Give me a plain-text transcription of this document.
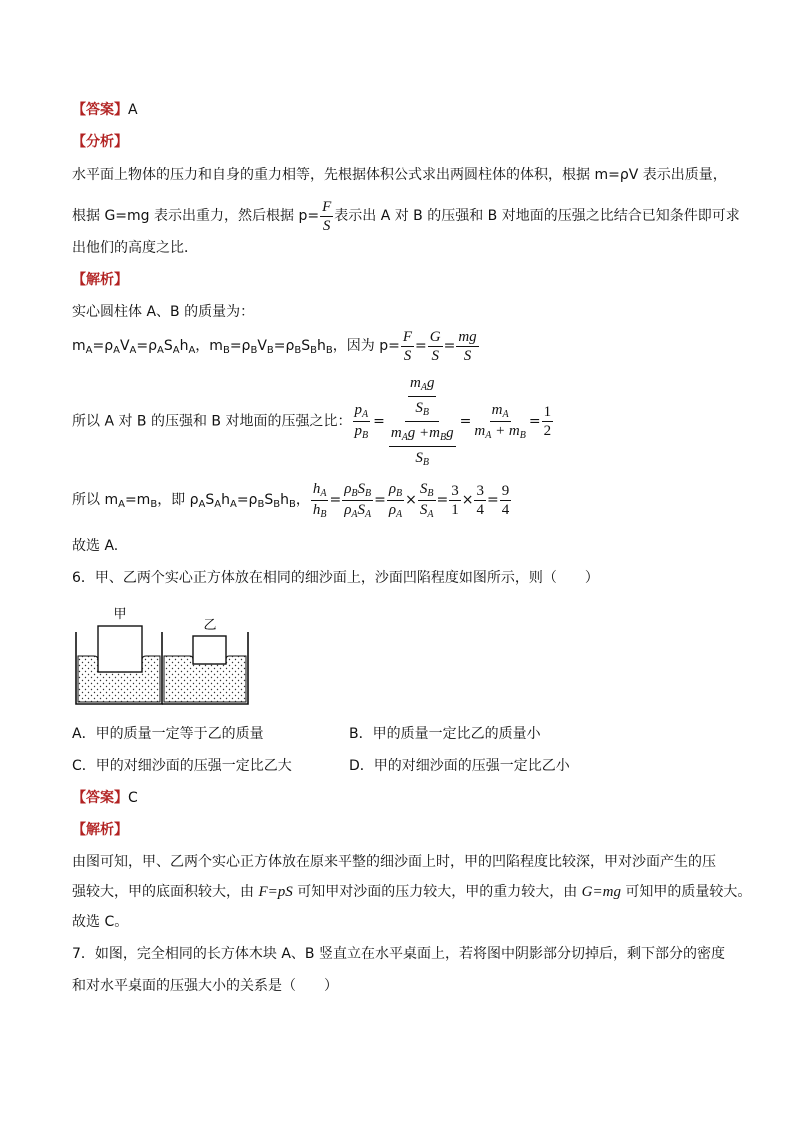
【答案】A
【分析】
水平面上物体的压力和自身的重力相等，先根据体积公式求出两圆柱体的体积，根据 m=ρV 表示出质量，
根据 G=mg 表示出重力，然后根据 $p= \frac{F}{S}$ 表示出 A 对 B 的压强和 B 对地面的压强之比结合已知条件即可求
出他们的高度之比．
【解析】
实心圆柱体 A、B 的质量为：
$m_A=\rho_AV_A=\rho_AS_Ah_A$，$m_B=\rho_BV_B=\rho_BS_Bh_B$，因为 $p= \frac{F}{S} = \frac{G}{S} = \frac{mg}{S}$
所以 A 对 B 的压强和 B 对地面的压强之比： $\frac{p_A}{p_B} = \frac{\frac{m_Ag}{S_B}}{\frac{m_Ag +m_Bg}{S_B}} = \frac{m_A}{m_A + m_B} = \frac{1}{2}$
所以 $m_A=m_B$，即 $\rho_AS_Ah_A=\rho_BS_Bh_B$， $\frac{h_A}{h_B} = \frac{\rho_BS_B}{\rho_AS_A} = \frac{\rho_B}{\rho_A} \times \frac{S_B}{S_A} = \frac{3}{1} \times \frac{3}{4} = \frac{9}{4}$
故选 A.
6．甲、乙两个实心正方体放在相同的细沙面上，沙面凹陷程度如图所示，则（　　）
甲
乙
A．甲的质量一定等于乙的质量	B．甲的质量一定比乙的质量小
C．甲的对细沙面的压强一定比乙大	D．甲的对细沙面的压强一定比乙小
【答案】C
【解析】
由图可知，甲、乙两个实心正方体放在原来平整的细沙面上时，甲的凹陷程度比较深，甲对沙面产生的压
强较大，甲的底面积较大，由 F=pS 可知甲对沙面的压力较大，甲的重力较大，由 G=mg 可知甲的质量较大。
故选 C。
7．如图，完全相同的长方体木块 A、B 竖直立在水平桌面上，若将图中阴影部分切掉后，剩下部分的密度
和对水平桌面的压强大小的关系是（　　）
